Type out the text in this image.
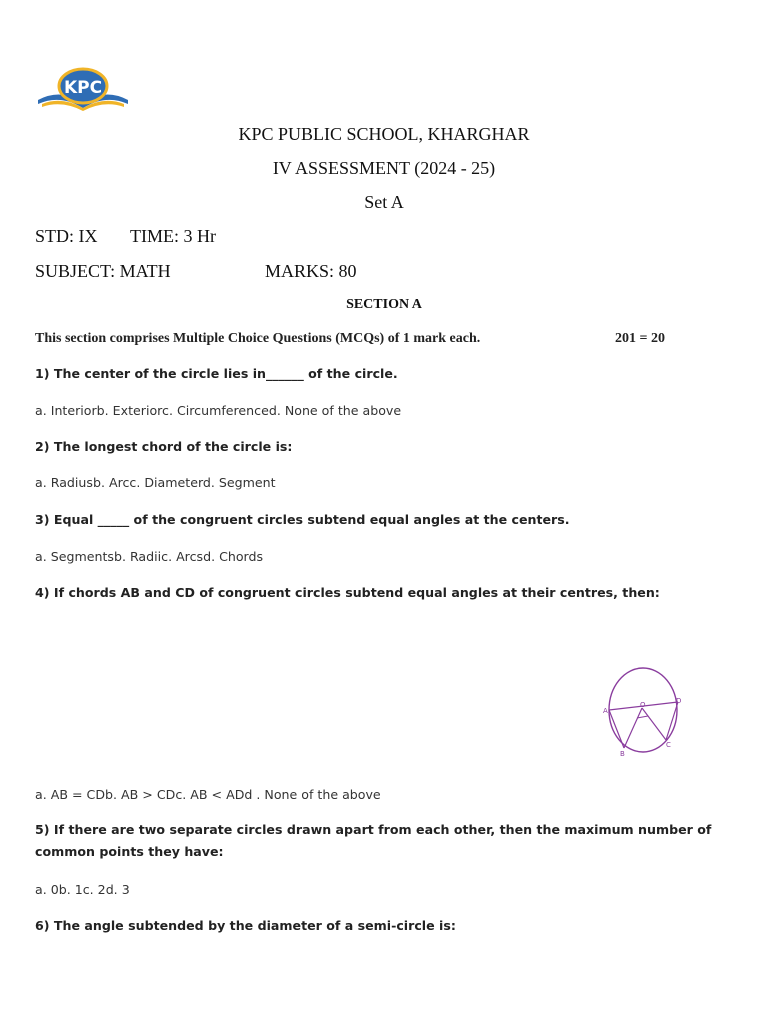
KPC
KPC PUBLIC SCHOOL, KHARGHAR
IV ASSESSMENT (2024 - 25)
Set A
STD: IX TIME: 3 Hr
SUBJECT: MATH	MARKS: 80
SECTION A
This section comprises Multiple Choice Questions (MCQs) of 1 mark each.	201 = 20
1) The center of the circle lies in______ of the circle.
a. Interiorb. Exteriorc. Circumferenced. None of the above
2) The longest chord of the circle is:
a. Radiusb. Arcc. Diameterd. Segment
3) Equal _____ of the congruent circles subtend equal angles at the centers.
a. Segmentsb. Radiic. Arcsd. Chords
4) If chords AB and CD of congruent circles subtend equal angles at their centres, then:
A
D
O
B
C
a. AB = CDb. AB > CDc. AB < ADd . None of the above
5) If there are two separate circles drawn apart from each other, then the maximum number of common points they have:
a. 0b. 1c. 2d. 3
6) The angle subtended by the diameter of a semi-circle is:
